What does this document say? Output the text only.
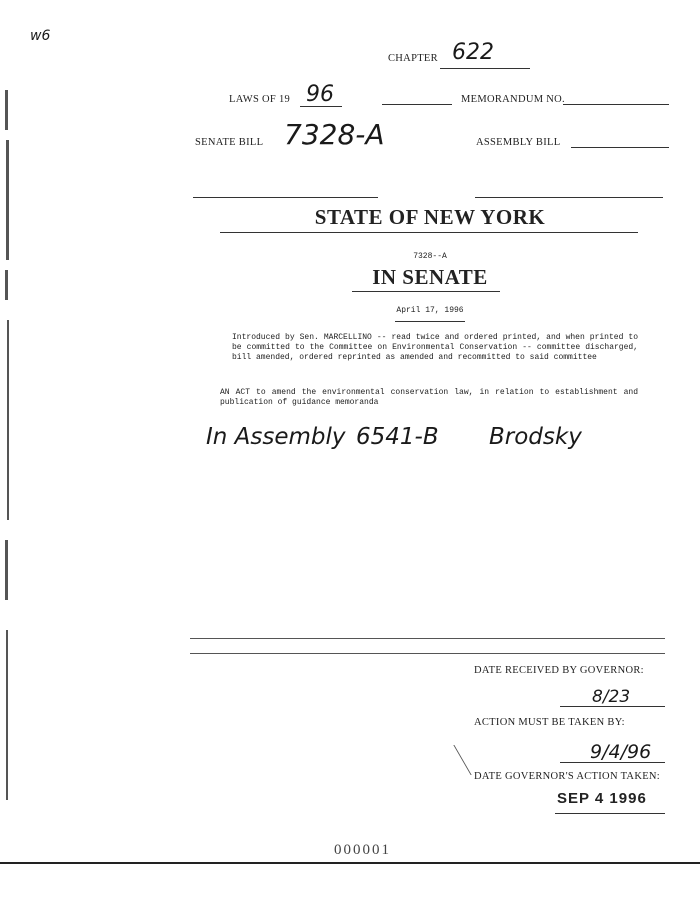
w6
CHAPTER 622
LAWS OF 19 96	MEMORANDUM NO.
SENATE BILL 7328-A	ASSEMBLY BILL
STATE OF NEW YORK
7328--A
IN SENATE
April 17, 1996
Introduced by Sen. MARCELLINO -- read twice and ordered printed, and when printed to be committed to the Committee on Environmental Conservation -- committee discharged, bill amended, ordered reprinted as amended and recommitted to said committee
AN ACT to amend the environmental conservation law, in relation to establishment and publication of guidance memoranda
In Assembly 6541-B Brodsky
DATE RECEIVED BY GOVERNOR:
8/23
ACTION MUST BE TAKEN BY:
9/4/96
DATE GOVERNOR'S ACTION TAKEN:
SEP 4 1996
000001
